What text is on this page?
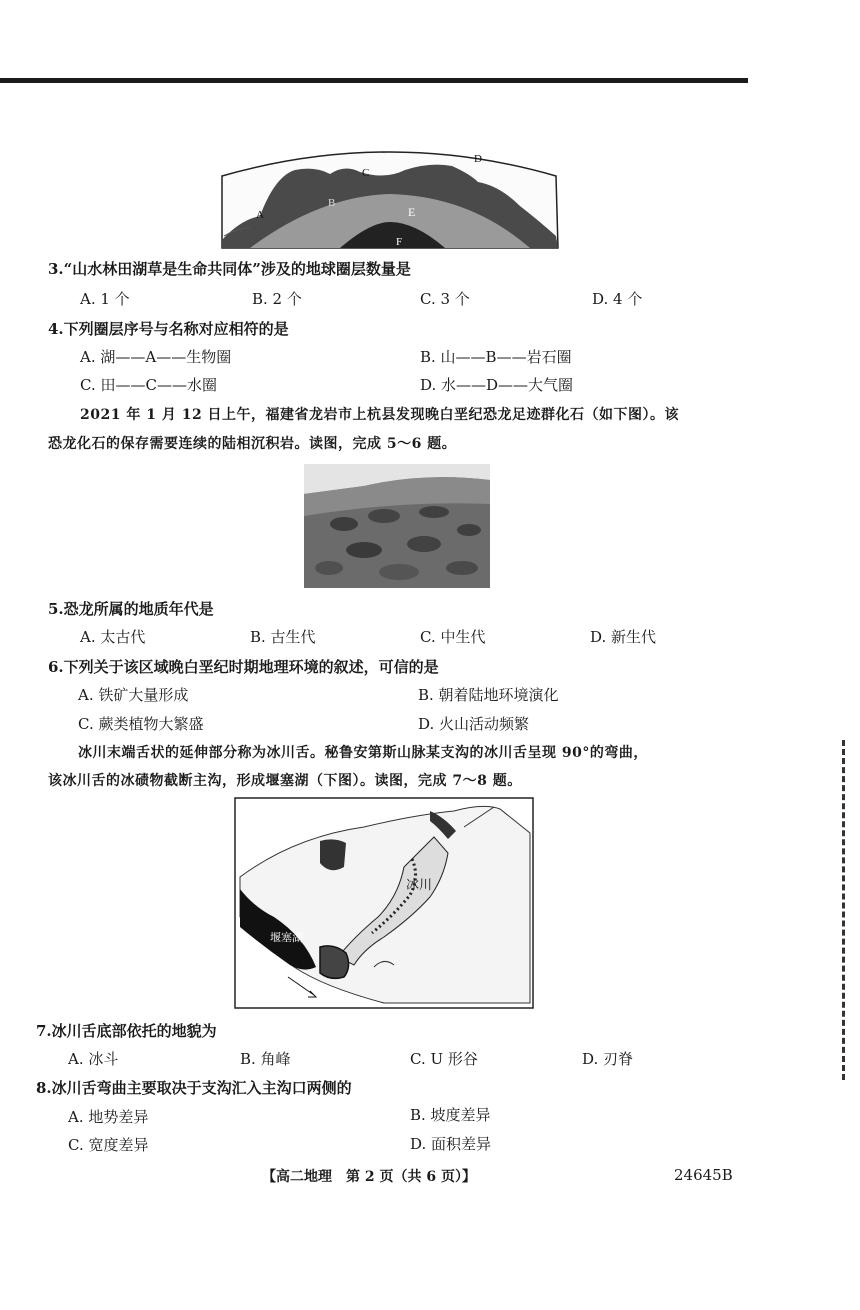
A
B
C
D
E
F
3.“山水林田湖草是生命共同体”涉及的地球圈层数量是
A. 1 个	B. 2 个	C. 3 个	D. 4 个
4.下列圈层序号与名称对应相符的是
A. 湖——A——生物圈	B. 山——B——岩石圈
C. 田——C——水圈	D. 水——D——大气圈
2021 年 1 月 12 日上午，福建省龙岩市上杭县发现晚白垩纪恐龙足迹群化石（如下图）。该
恐龙化石的保存需要连续的陆相沉积岩。读图，完成 5～6 题。
5.恐龙所属的地质年代是
A. 太古代	B. 古生代	C. 中生代	D. 新生代
6.下列关于该区域晚白垩纪时期地理环境的叙述，可信的是
A. 铁矿大量形成	B. 朝着陆地环境演化
C. 蕨类植物大繁盛	D. 火山活动频繁
冰川末端舌状的延伸部分称为冰川舌。秘鲁安第斯山脉某支沟的冰川舌呈现 90°的弯曲，
该冰川舌的冰碛物截断主沟，形成堰塞湖（下图）。读图，完成 7～8 题。
冰川
堰塞湖
7.冰川舌底部依托的地貌为
A. 冰斗	B. 角峰	C. U 形谷	D. 刃脊
8.冰川舌弯曲主要取决于支沟汇入主沟口两侧的
A. 地势差异	B. 坡度差异
C. 宽度差异	D. 面积差异
【高二地理　第 2 页（共 6 页）】	24645B
